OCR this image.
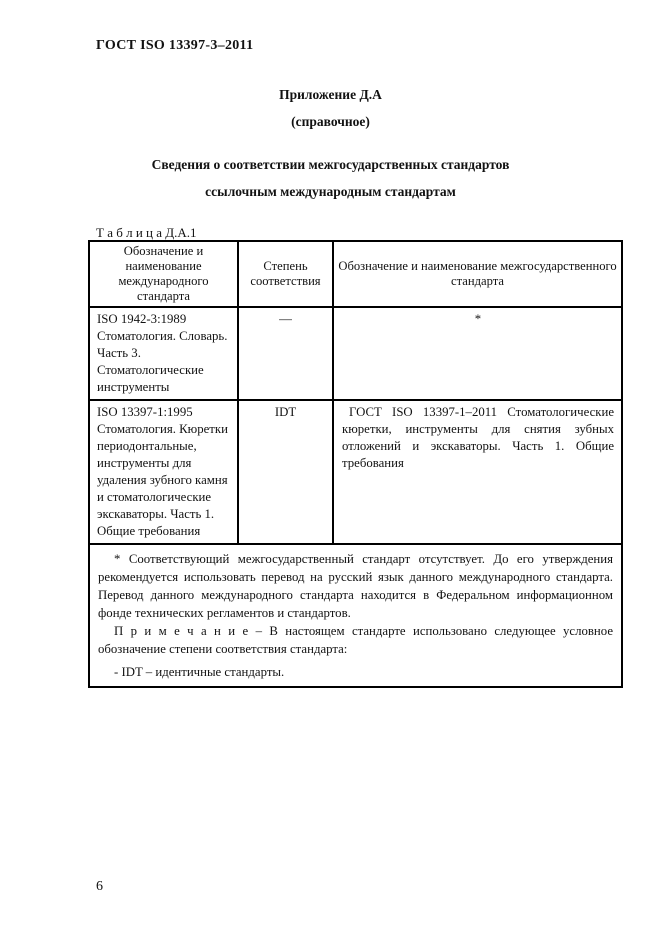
ГОСТ ISO 13397-3–2011
Приложение Д.А
(справочное)
Сведения о соответствии межгосударственных стандартов
ссылочным международным стандартам
Т а б л и ц а Д.А.1
Обозначение и наименование международного стандарта	Степень соответствия	Обозначение и наименование межгосударственного стандарта
ISO 1942-3:1989 Стоматология. Словарь. Часть 3. Стоматологические инструменты	—	*
ISO 13397-1:1995 Стоматология. Кюретки периодонтальные, инструменты для удаления зубного камня и стоматологические экскаваторы. Часть 1. Общие требования	IDT	ГОСТ ISO 13397-1–2011 Стоматологические кюретки, инструменты для снятия зубных отложений и экскаваторы. Часть 1. Общие требования

* Соответствующий межгосударственный стандарт отсутствует. До его утверждения рекомендуется использовать перевод на русский язык данного международного стандарта. Перевод данного международного стандарта находится в Федеральном информационном фонде технических регламентов и стандартов.

П р и м е ч а н и е – В настоящем стандарте использовано следующее условное обозначение степени соответствия стандарта:

- IDT – идентичные стандарты.		

6
